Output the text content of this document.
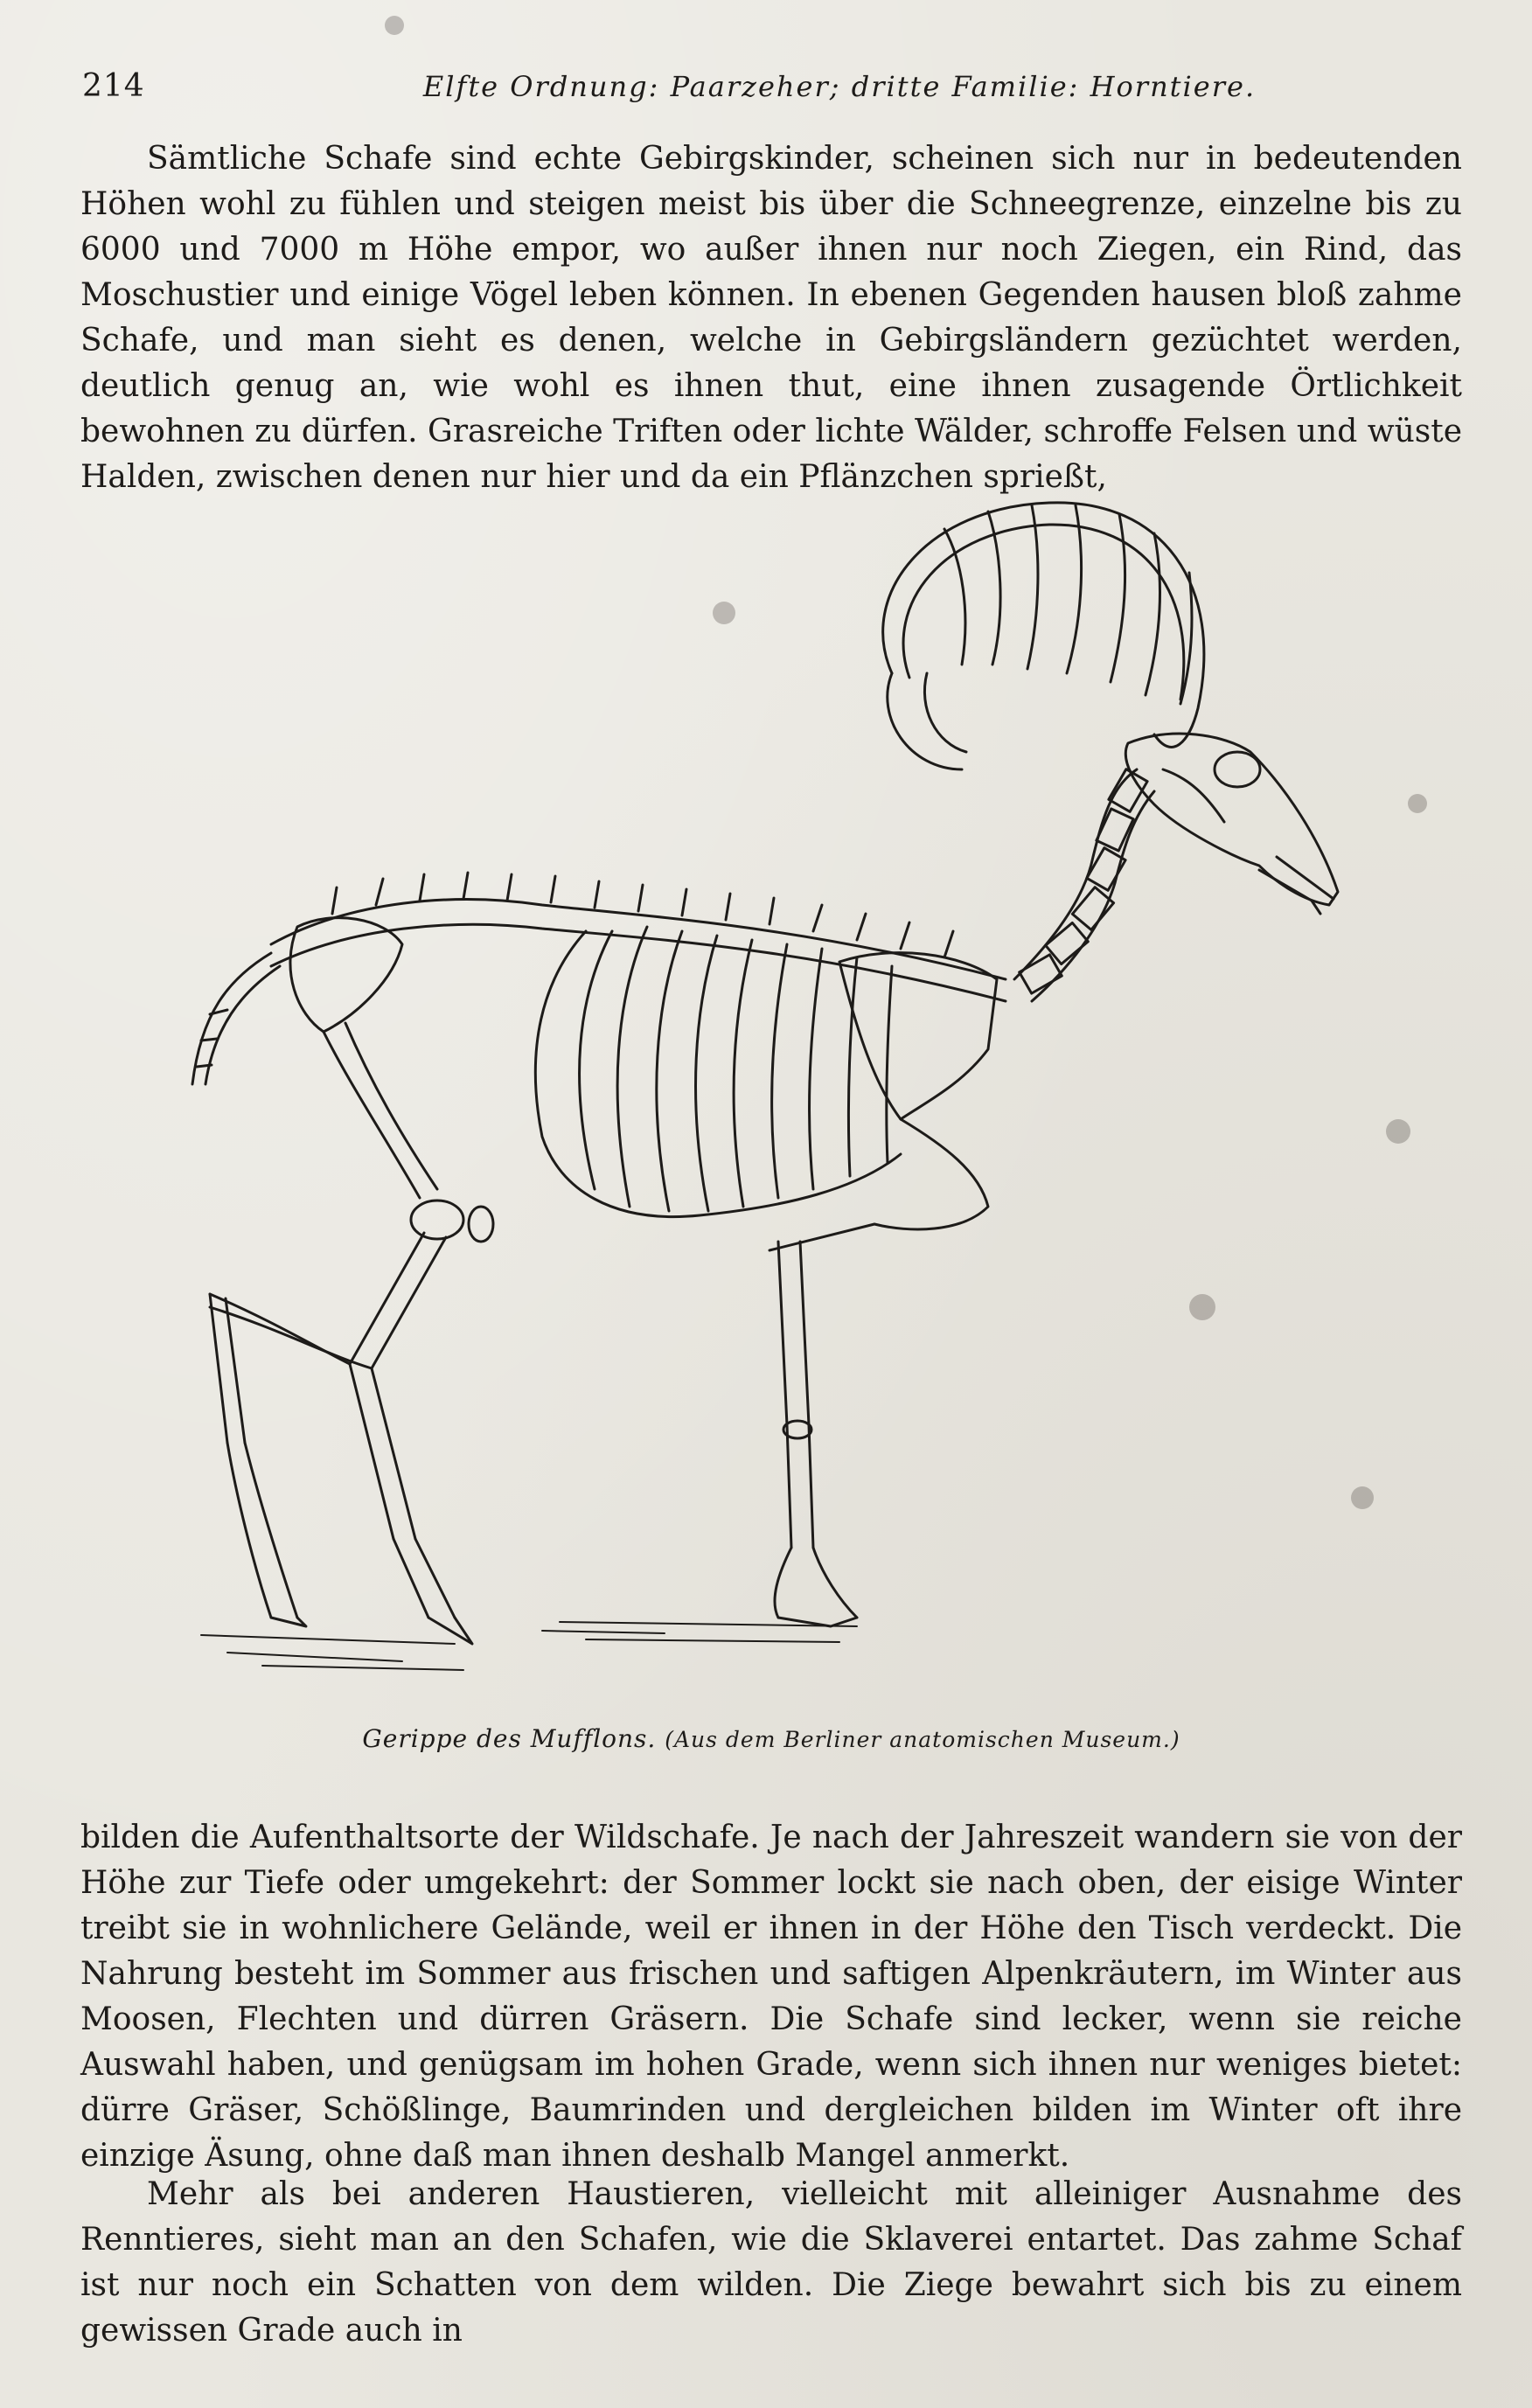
214	Elfte Ordnung: Paarzeher; dritte Familie: Horntiere.

Sämtliche Schafe sind echte Gebirgskinder, scheinen sich nur in bedeutenden Höhen wohl zu fühlen und steigen meist bis über die Schneegrenze, einzelne bis zu 6000 und 7000 m Höhe empor, wo außer ihnen nur noch Ziegen, ein Rind, das Moschustier und einige Vögel leben können. In ebenen Gegenden hausen bloß zahme Schafe, und man sieht es denen, welche in Gebirgsländern gezüchtet werden, deutlich genug an, wie wohl es ihnen thut, eine ihnen zusagende Örtlichkeit bewohnen zu dürfen. Grasreiche Triften oder lichte Wälder, schroffe Felsen und wüste Halden, zwischen denen nur hier und da ein Pflänzchen sprießt,

Gerippe des Mufflons. (Aus dem Berliner anatomischen Museum.)

bilden die Aufenthaltsorte der Wildschafe. Je nach der Jahreszeit wandern sie von der Höhe zur Tiefe oder umgekehrt: der Sommer lockt sie nach oben, der eisige Winter treibt sie in wohnlichere Gelände, weil er ihnen in der Höhe den Tisch verdeckt. Die Nahrung besteht im Sommer aus frischen und saftigen Alpenkräutern, im Winter aus Moosen, Flechten und dürren Gräsern. Die Schafe sind lecker, wenn sie reiche Auswahl haben, und genügsam im hohen Grade, wenn sich ihnen nur weniges bietet: dürre Gräser, Schößlinge, Baumrinden und dergleichen bilden im Winter oft ihre einzige Äsung, ohne daß man ihnen deshalb Mangel anmerkt.

Mehr als bei anderen Haustieren, vielleicht mit alleiniger Ausnahme des Renntieres, sieht man an den Schafen, wie die Sklaverei entartet. Das zahme Schaf ist nur noch ein Schatten von dem wilden. Die Ziege bewahrt sich bis zu einem gewissen Grade auch in
